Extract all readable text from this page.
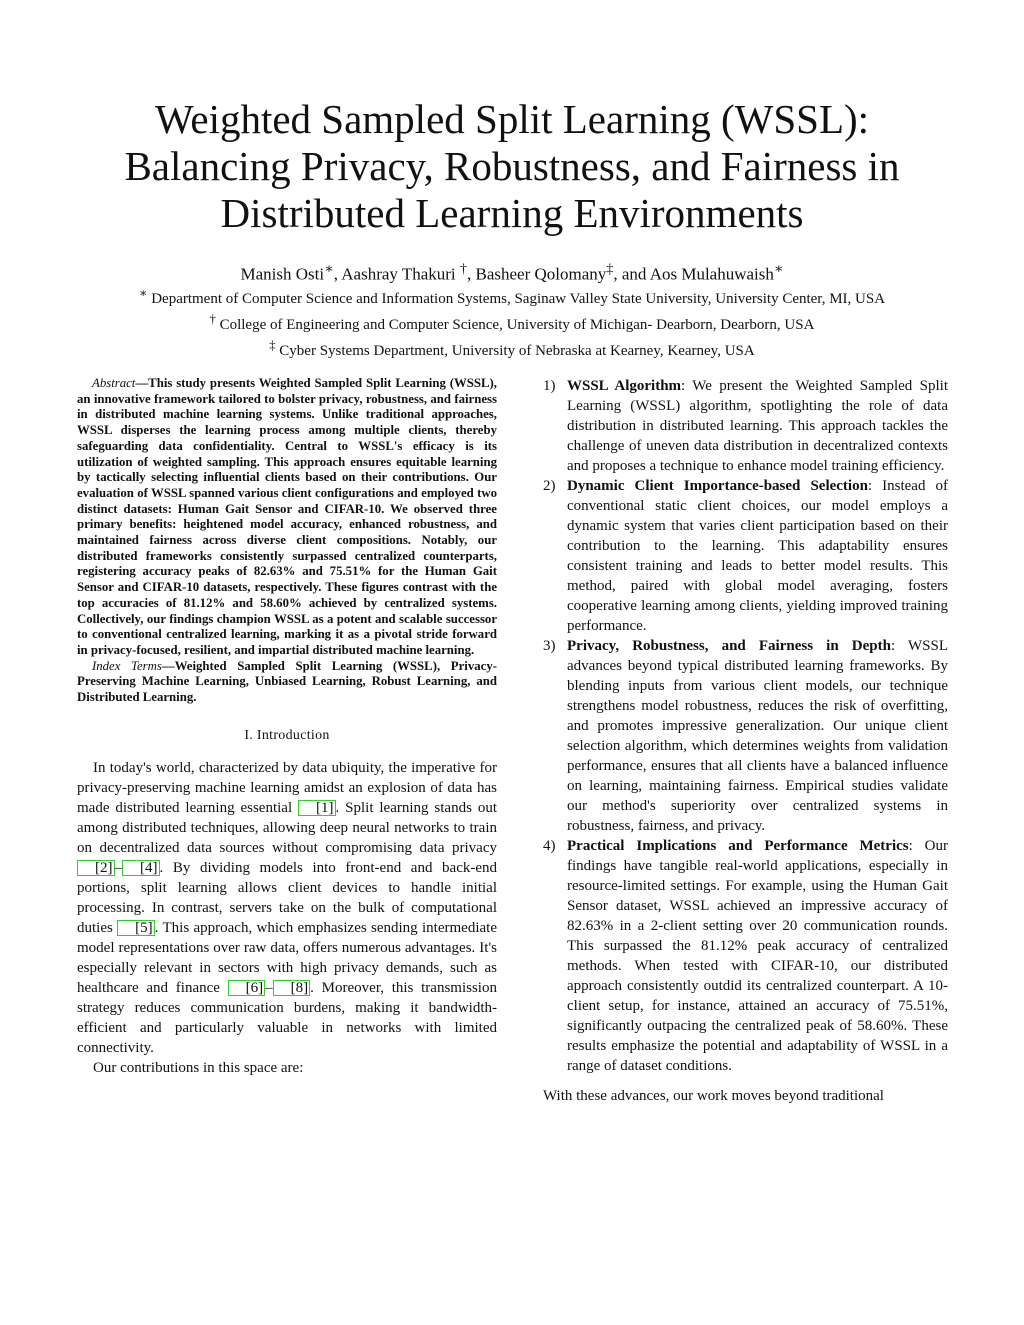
Weighted Sampled Split Learning (WSSL):
Balancing Privacy, Robustness, and Fairness in
Distributed Learning Environments
Manish Osti∗, Aashray Thakuri †, Basheer Qolomany‡, and Aos Mulahuwaish∗
∗ Department of Computer Science and Information Systems, Saginaw Valley State University, University Center, MI, USA
† College of Engineering and Computer Science, University of Michigan- Dearborn, Dearborn, USA
‡ Cyber Systems Department, University of Nebraska at Kearney, Kearney, USA

Abstract—This study presents Weighted Sampled Split Learning (WSSL), an innovative framework tailored to bolster privacy, robustness, and fairness in distributed machine learning systems. Unlike traditional approaches, WSSL disperses the learning process among multiple clients, thereby safeguarding data confidentiality. Central to WSSL's efficacy is its utilization of weighted sampling. This approach ensures equitable learning by tactically selecting influential clients based on their contributions. Our evaluation of WSSL spanned various client configurations and employed two distinct datasets: Human Gait Sensor and CIFAR-10. We observed three primary benefits: heightened model accuracy, enhanced robustness, and maintained fairness across diverse client compositions. Notably, our distributed frameworks consistently surpassed centralized counterparts, registering accuracy peaks of 82.63% and 75.51% for the Human Gait Sensor and CIFAR-10 datasets, respectively. These figures contrast with the top accuracies of 81.12% and 58.60% achieved by centralized systems. Collectively, our findings champion WSSL as a potent and scalable successor to conventional centralized learning, marking it as a pivotal stride forward in privacy-focused, resilient, and impartial distributed machine learning.

Index Terms—Weighted Sampled Split Learning (WSSL), Privacy-Preserving Machine Learning, Unbiased Learning, Robust Learning, and Distributed Learning.

I. Introduction

In today's world, characterized by data ubiquity, the imperative for privacy-preserving machine learning amidst an explosion of data has made distributed learning essential [1] . Split learning stands out among distributed techniques, allowing deep neural networks to train on decentralized data sources without compromising data privacy [2] – [4] . By dividing models into front-end and back-end portions, split learning allows client devices to handle initial processing. In contrast, servers take on the bulk of computational duties [5] . This approach, which emphasizes sending intermediate model representations over raw data, offers numerous advantages. It's especially relevant in sectors with high privacy demands, such as healthcare and finance [6] – [8] . Moreover, this transmission strategy reduces communication burdens, making it bandwidth-efficient and particularly valuable in networks with limited connectivity.

Our contributions in this space are:

1) WSSL Algorithm: We present the Weighted Sampled Split Learning (WSSL) algorithm, spotlighting the role of data distribution in distributed learning. This approach tackles the challenge of uneven data distribution in decentralized contexts and proposes a technique to enhance model training efficiency.
2) Dynamic Client Importance-based Selection: Instead of conventional static client choices, our model employs a dynamic system that varies client participation based on their contribution to the learning. This adaptability ensures consistent training and leads to better model results. This method, paired with global model averaging, fosters cooperative learning among clients, yielding improved training performance.
3) Privacy, Robustness, and Fairness in Depth: WSSL advances beyond typical distributed learning frameworks. By blending inputs from various client models, our technique strengthens model robustness, reduces the risk of overfitting, and promotes impressive generalization. Our unique client selection algorithm, which determines weights from validation performance, ensures that all clients have a balanced influence on learning, maintaining fairness. Empirical studies validate our method's superiority over centralized systems in robustness, fairness, and privacy.
4) Practical Implications and Performance Metrics: Our findings have tangible real-world applications, especially in resource-limited settings. For example, using the Human Gait Sensor dataset, WSSL achieved an impressive accuracy of 82.63% in a 2-client setting over 20 communication rounds. This surpassed the 81.12% peak accuracy of centralized methods. When tested with CIFAR-10, our distributed approach consistently outdid its centralized counterpart. A 10-client setup, for instance, attained an accuracy of 75.51%, significantly outpacing the centralized peak of 58.60%. These results emphasize the potential and adaptability of WSSL in a range of dataset conditions.

With these advances, our work moves beyond traditional
